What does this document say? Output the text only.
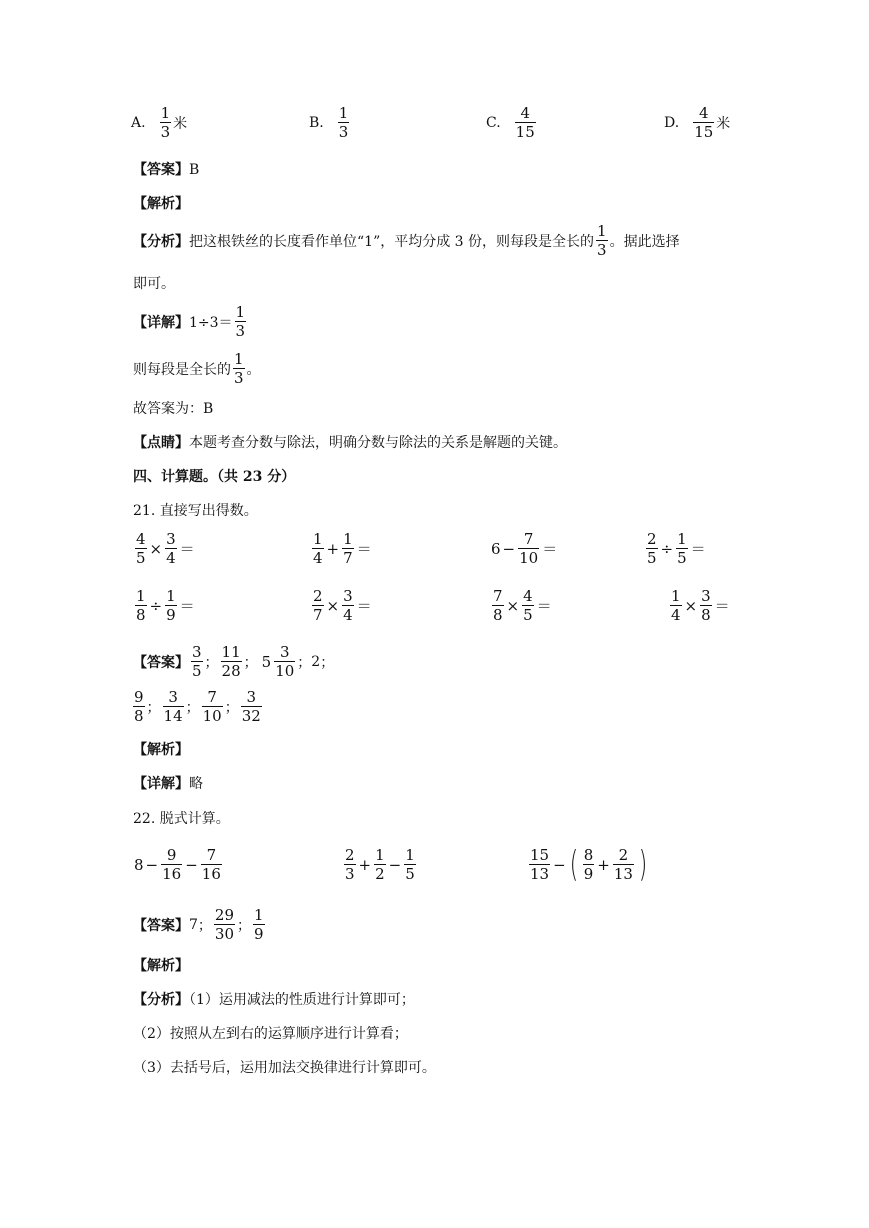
A. $\frac{1}{3}$ 米	B. $\frac{1}{3}$	C. $\frac{4}{15}$	D. $\frac{4}{15}$ 米
【答案】B
【解析】
【分析】 把这根铁丝的长度看作单位“1”，平均分成 3 份，则每段是全长的 $\frac{1}{3}$ 。据此选择
即可。
【详解】 $1\div 3= \frac{1}{3}$
则每段是全长的 $\frac{1}{3}$ 。
故答案为：B
【点睛】本题考查分数与除法，明确分数与除法的关系是解题的关键。
四、计算题。（共 23 分）
21. 直接写出得数。
$\frac{4}{5} \times \frac{3}{4}$ ＝	$\frac{1}{4} + \frac{1}{7}$ ＝	$6 - \frac{7}{10}$ ＝	$\frac{2}{5} \div \frac{1}{5}$ ＝
$\frac{1}{8} \div \frac{1}{9}$ ＝	$\frac{2}{7} \times \frac{3}{4}$ ＝	$\frac{7}{8} \times \frac{4}{5}$ ＝	$\frac{1}{4} \times \frac{3}{8}$ ＝
【答案】 $\frac{3}{5}$ ； $\frac{11}{28}$ ； $5 \frac{3}{10}$ ； 2 ；
$\frac{9}{8}$ ； $\frac{3}{14}$ ； $\frac{7}{10}$ ； $\frac{3}{32}$
【解析】
【详解】略
22. 脱式计算。
$8 - \frac{9}{16} - \frac{7}{16}$	$\frac{2}{3} + \frac{1}{2} - \frac{1}{5}$	$\frac{15}{13}$ − ( $\frac{8}{9} + \frac{2}{13}$ )
【答案】 7 ； $\frac{29}{30}$ ； $\frac{1}{9}$
【解析】
【分析】（1）运用减法的性质进行计算即可；
（2）按照从左到右的运算顺序进行计算看；
（3）去括号后，运用加法交换律进行计算即可。
